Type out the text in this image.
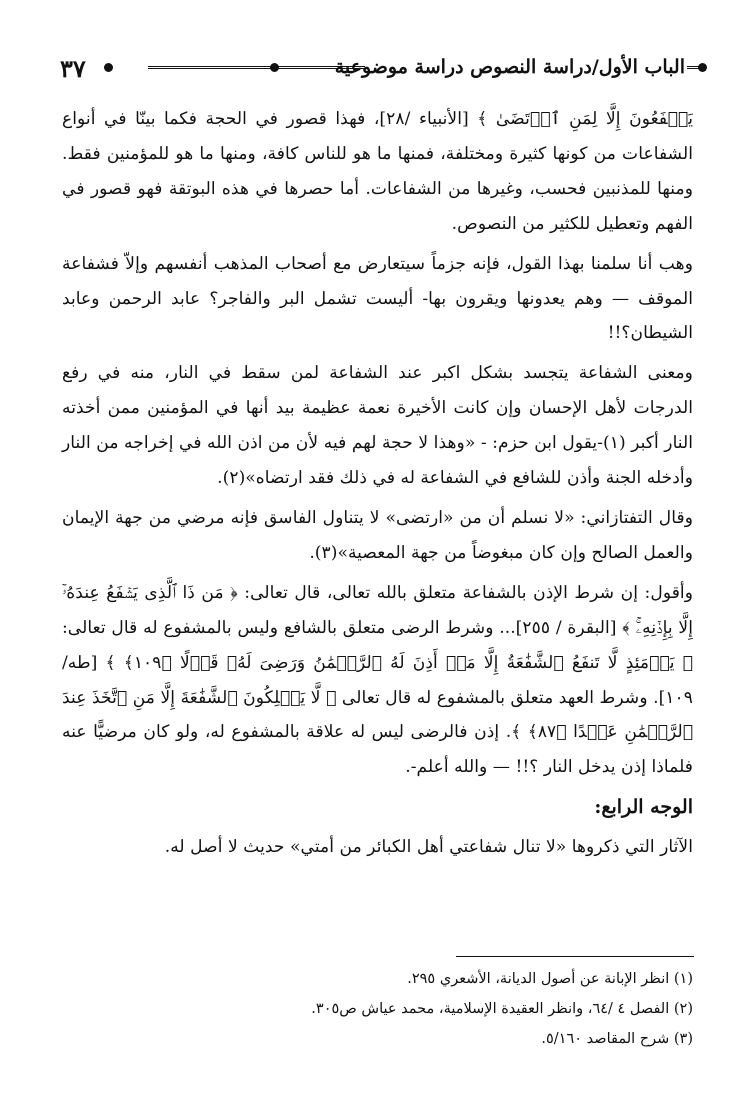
٣٧	الباب الأول/دراسة النصوص دراسة موضوعية

يَشۡفَعُونَ إِلَّا لِمَنِ ٱرۡتَضَىٰ ﴾ [الأنبياء /٢٨]، فهذا قصور في الحجة فكما بينّا في أنواع الشفاعات من كونها كثيرة ومختلفة، فمنها ما هو للناس كافة، ومنها ما هو للمؤمنين فقط. ومنها للمذنبين فحسب، وغيرها من الشفاعات. أما حصرها في هذه البوتقة فهو قصور في الفهم وتعطيل للكثير من النصوص.

وهب أنا سلمنا بهذا القول، فإنه جزماً سيتعارض مع أصحاب المذهب أنفسهم وإلاّ فشفاعة الموقف — وهم يعدونها ويقرون بها- أليست تشمل البر والفاجر؟ عابد الرحمن وعابد الشيطان؟!!

ومعنى الشفاعة يتجسد بشكل اكبر عند الشفاعة لمن سقط في النار، منه في رفع الدرجات لأهل الإحسان وإن كانت الأخيرة نعمة عظيمة بيد أنها في المؤمنين ممن أخذته النار أكبر (١)-يقول ابن حزم: - «وهذا لا حجة لهم فيه لأن من اذن الله في إخراجه من النار وأدخله الجنة وأذن للشافع في الشفاعة له في ذلك فقد ارتضاه»(٢).

وقال التفتازاني: «لا نسلم أن من «ارتضى» لا يتناول الفاسق فإنه مرضي من جهة الإيمان والعمل الصالح وإن كان مبغوضاً من جهة المعصية»(٣).

وأقول: إن شرط الإذن بالشفاعة متعلق بالله تعالى، قال تعالى: ﴿ مَن ذَا ٱلَّذِى يَشۡفَعُ عِندَهُۥٓ إِلَّا بِإِذۡنِهِۦۚ ﴾ [البقرة / ٢٥٥]... وشرط الرضى متعلق بالشافع وليس بالمشفوع له قال تعالى: ﴿ يَوۡمَئِذٍ لَّا تَنفَعُ ٱلشَّفَٰعَةُ إِلَّا مَنۡ أَذِنَ لَهُ ٱلرَّحۡمَٰنُ وَرَضِىَ لَهُۥ قَوۡلًا ﴿١٠٩﴾ ﴾ [طه/ ١٠٩]. وشرط العهد متعلق بالمشفوع له قال تعالى ﴿ لَّا يَمۡلِكُونَ ٱلشَّفَٰعَةَ إِلَّا مَنِ ٱتَّخَذَ عِندَ ٱلرَّحۡمَٰنِ عَهۡدًا ﴿٨٧﴾ ﴾. إذن فالرضى ليس له علاقة بالمشفوع له، ولو كان مرضيًّا عنه فلماذا إذن يدخل النار ؟!! — والله أعلم-.

الوجه الرابع:

الآثار التي ذكروها «لا تنال شفاعتي أهل الكبائر من أمتي» حديث لا أصل له.

(١) انظر الإبانة عن أصول الديانة، الأشعري ٢٩٥.
(٢) الفصل ٤ /٦٤، وانظر العقيدة الإسلامية، محمد عياش ص٣٠٥.
(٣) شرح المقاصد ٥/١٦٠.
